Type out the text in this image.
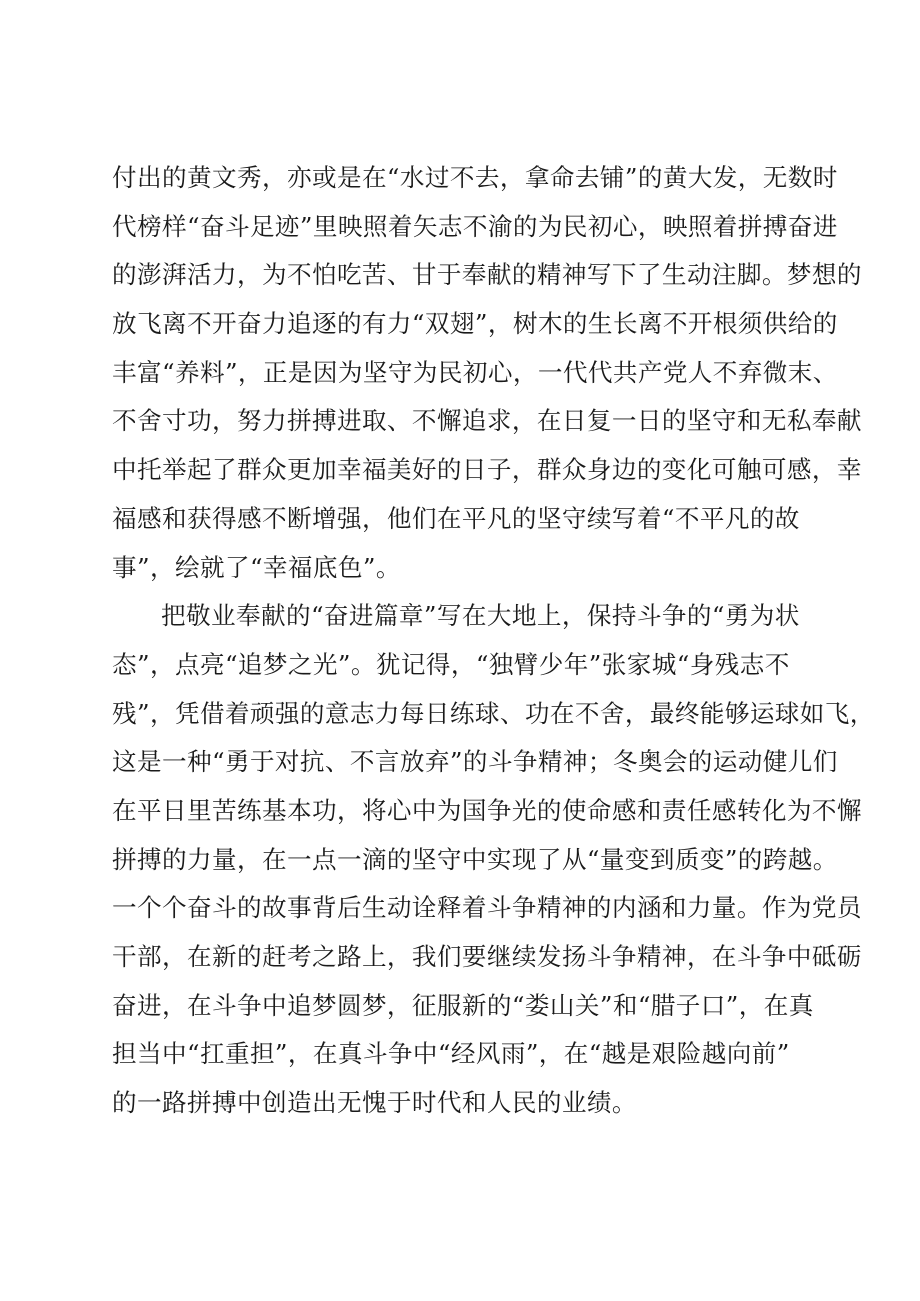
付出的黄文秀，亦或是在“水过不去，拿命去铺”的黄大发，无数时
代榜样“奋斗足迹”里映照着矢志不渝的为民初心，映照着拼搏奋进
的澎湃活力，为不怕吃苦、甘于奉献的精神写下了生动注脚。梦想的
放飞离不开奋力追逐的有力“双翅”，树木的生长离不开根须供给的
丰富“养料”，正是因为坚守为民初心，一代代共产党人不弃微末、
不舍寸功，努力拼搏进取、不懈追求，在日复一日的坚守和无私奉献
中托举起了群众更加幸福美好的日子，群众身边的变化可触可感，幸
福感和获得感不断增强，他们在平凡的坚守续写着“不平凡的故
事”，绘就了“幸福底色”。
把敬业奉献的“奋进篇章”写在大地上，保持斗争的“勇为状
态”，点亮“追梦之光”。犹记得，“独臂少年”张家城“身残志不
残”，凭借着顽强的意志力每日练球、功在不舍，最终能够运球如飞，
这是一种“勇于对抗、不言放弃”的斗争精神；冬奥会的运动健儿们
在平日里苦练基本功，将心中为国争光的使命感和责任感转化为不懈
拼搏的力量，在一点一滴的坚守中实现了从“量变到质变”的跨越。
一个个奋斗的故事背后生动诠释着斗争精神的内涵和力量。作为党员
干部，在新的赶考之路上，我们要继续发扬斗争精神，在斗争中砥砺
奋进，在斗争中追梦圆梦，征服新的“娄山关”和“腊子口”，在真
担当中“扛重担”，在真斗争中“经风雨”，在“越是艰险越向前”
的一路拼搏中创造出无愧于时代和人民的业绩。
